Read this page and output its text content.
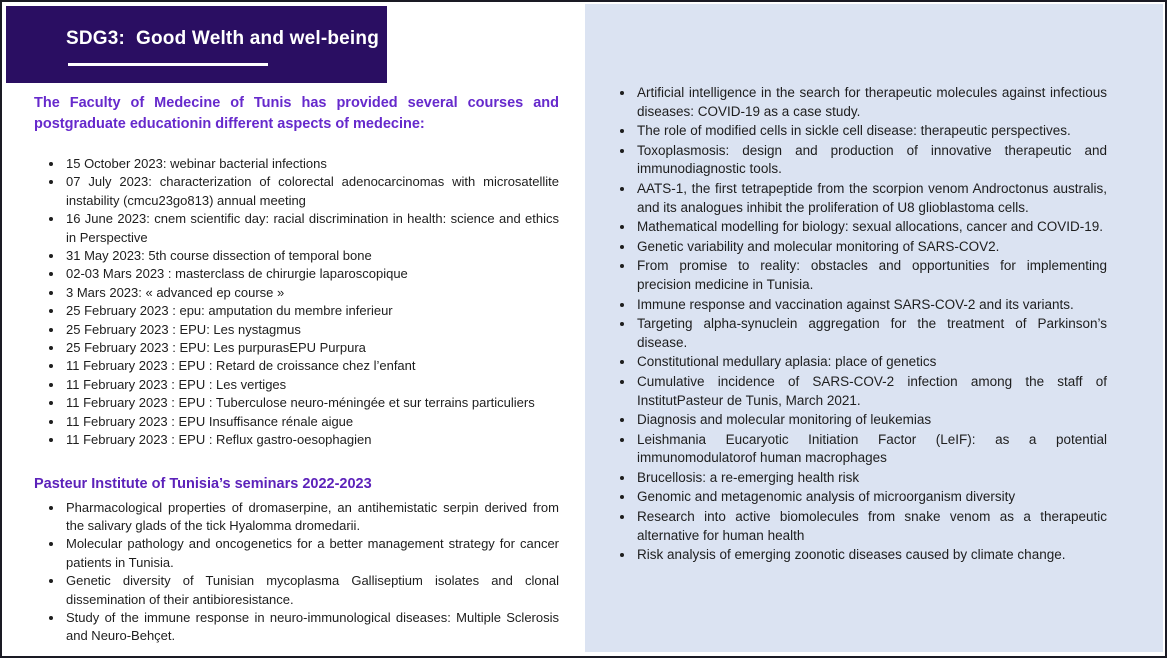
• Artificial intelligence in the search for therapeutic molecules against infectious diseases: COVID-19 as a case study.
• The role of modified cells in sickle cell disease: therapeutic perspectives.
• Toxoplasmosis: design and production of innovative therapeutic and immunodiagnostic tools.
• AATS-1, the first tetrapeptide from the scorpion venom Androctonus australis, and its analogues inhibit the proliferation of U8 glioblastoma cells.
• Mathematical modelling for biology: sexual allocations, cancer and COVID-19.
• Genetic variability and molecular monitoring of SARS-COV2.
• From promise to reality: obstacles and opportunities for implementing precision medicine in Tunisia.
• Immune response and vaccination against SARS-COV-2 and its variants.
• Targeting alpha-synuclein aggregation for the treatment of Parkinson’s disease.
• Constitutional medullary aplasia: place of genetics
• Cumulative incidence of SARS-COV-2 infection among the staff of InstitutPasteur de Tunis, March 2021.
• Diagnosis and molecular monitoring of leukemias
• Leishmania Eucaryotic Initiation Factor (LeIF): as a potential immunomodulatorof human macrophages
• Brucellosis: a re-emerging health risk
• Genomic and metagenomic analysis of microorganism diversity
• Research into active biomolecules from snake venom as a therapeutic alternative for human health
• Risk analysis of emerging zoonotic diseases caused by climate change.
SDG3:  Good Welth and wel-being
The Faculty of Medecine of Tunis has provided several courses and postgraduate educationin different aspects of medecine:
• 15 October 2023: webinar bacterial infections
• 07 July 2023: characterization of colorectal adenocarcinomas with microsatellite instability (cmcu23go813) annual meeting
• 16 June 2023: cnem scientific day: racial discrimination in health: science and ethics in Perspective
• 31 May 2023: 5th course dissection of temporal bone
• 02-03 Mars 2023 : masterclass de chirurgie laparoscopique
• 3 Mars 2023: « advanced ep course »
• 25 February 2023 : epu: amputation du membre inferieur
• 25 February 2023 : EPU: Les nystagmus
• 25 February 2023 : EPU: Les purpurasEPU Purpura
• 11 February 2023 : EPU : Retard de croissance chez l’enfant
• 11 February 2023 : EPU : Les vertiges
• 11 February 2023 : EPU : Tuberculose neuro-méningée et sur terrains particuliers
• 11 February 2023 : EPU Insuffisance rénale aigue
• 11 February 2023 : EPU : Reflux gastro-oesophagien
Pasteur Institute of Tunisia’s seminars 2022-2023
• Pharmacological properties of dromaserpine, an antihemistatic serpin derived from the salivary glads of the tick Hyalomma dromedarii.
• Molecular pathology and oncogenetics for a better management strategy for cancer patients in Tunisia.
• Genetic diversity of Tunisian mycoplasma Galliseptium isolates and clonal dissemination of their antibioresistance.
• Study of the immune response in neuro-immunological diseases: Multiple Sclerosis and Neuro-Behçet.
